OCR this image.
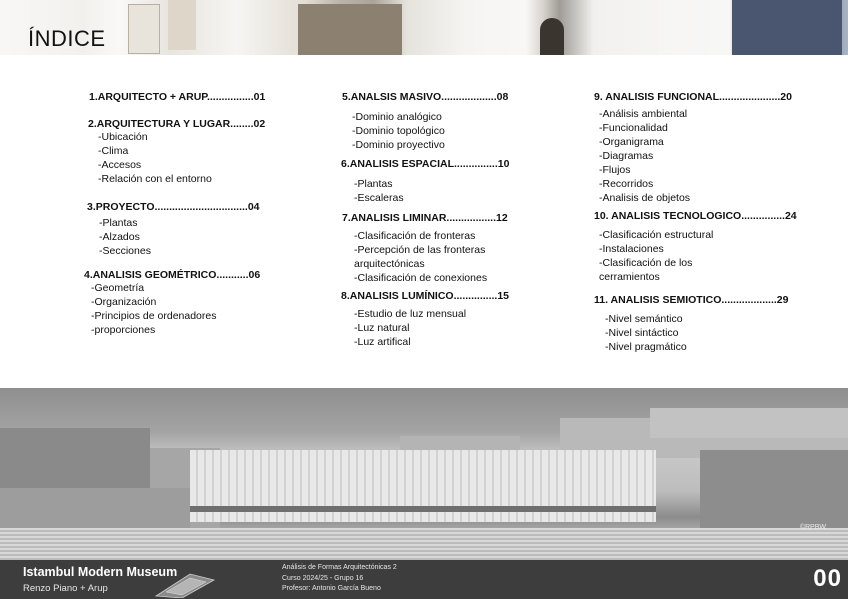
ÍNDICE
1.ARQUITECTO + ARUP................01
2.ARQUITECTURA Y LUGAR........02
-Ubicación
-Clima
-Accesos
-Relación con el entorno
3.PROYECTO................................04
-Plantas
-Alzados
-Secciones
4.ANALISIS GEOMÉTRICO...........06
-Geometría
-Organización
-Principios de ordenadores
-proporciones
5.ANALSIS MASIVO...................08
-Dominio analógico
-Dominio topológico
-Dominio proyectivo
6.ANALISIS ESPACIAL...............10
-Plantas
-Escaleras
7.ANALISIS LIMINAR.................12
-Clasificación de fronteras
-Percepción de las fronteras
arquitectónicas
-Clasificación de conexiones
8.ANALISIS LUMÍNICO...............15
-Estudio de luz mensual
-Luz natural
-Luz artifical
9. ANALISIS FUNCIONAL.....................20
-Análisis ambiental
-Funcionalidad
-Organigrama
-Diagramas
-Flujos
-Recorridos
-Analisis de objetos
10. ANALISIS TECNOLOGICO...............24
-Clasificación estructural
-Instalaciones
-Clasificación de los
cerramientos
11. ANALISIS SEMIOTICO...................29
-Nivel semántico
-Nivel sintáctico
-Nivel pragmático
©RPBW
Istambul Modern Museum
Renzo Piano + Arup
Análisis de Formas Arquitectónicas 2
Curso 2024/25 - Grupo 16
Profesor: Antonio García Bueno	00
